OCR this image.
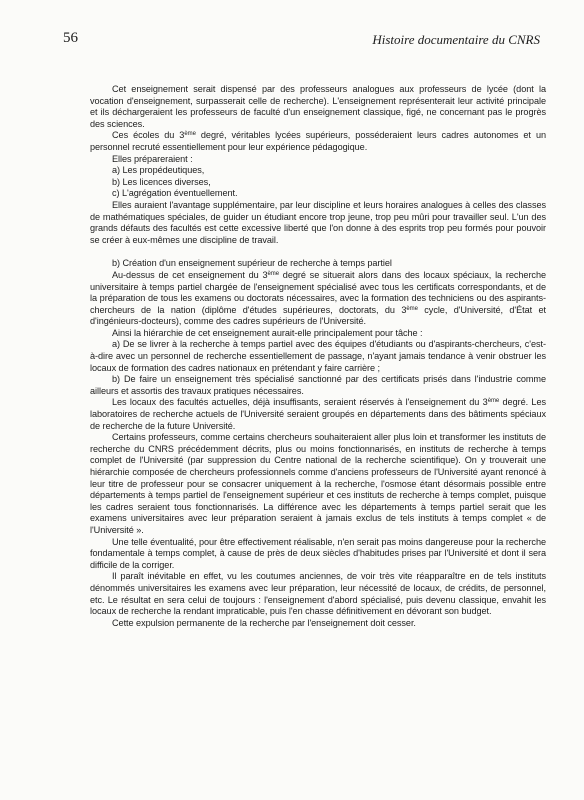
56	Histoire documentaire du CNRS

Cet enseignement serait dispensé par des professeurs analogues aux professeurs de lycée (dont la vocation d'enseignement, surpasserait celle de recherche). L'enseignement représenterait leur activité principale et ils déchargeraient les professeurs de faculté d'un enseignement classique, figé, ne concernant pas le progrès des sciences.

Ces écoles du 3ème degré, véritables lycées supérieurs, posséderaient leurs cadres autonomes et un personnel recruté essentiellement pour leur expérience pédagogique.

Elles prépareraient :

a) Les propédeutiques,

b) Les licences diverses,

c) L'agrégation éventuellement.

Elles auraient l'avantage supplémentaire, par leur discipline et leurs horaires analogues à celles des classes de mathématiques spéciales, de guider un étudiant encore trop jeune, trop peu mûri pour travailler seul. L'un des grands défauts des facultés est cette excessive liberté que l'on donne à des esprits trop peu formés pour pouvoir se créer à eux-mêmes une discipline de travail.

b) Création d'un enseignement supérieur de recherche à temps partiel

Au-dessus de cet enseignement du 3ème degré se situerait alors dans des locaux spéciaux, la recherche universitaire à temps partiel chargée de l'enseignement spécialisé avec tous les certificats correspondants, et de la préparation de tous les examens ou doctorats nécessaires, avec la formation des techniciens ou des aspirants-chercheurs de la nation (diplôme d'études supérieures, doctorats, du 3ème cycle, d'Université, d'État et d'ingénieurs-docteurs), comme des cadres supérieurs de l'Université.

Ainsi la hiérarchie de cet enseignement aurait-elle principalement pour tâche :

a) De se livrer à la recherche à temps partiel avec des équipes d'étudiants ou d'aspirants-chercheurs, c'est-à-dire avec un personnel de recherche essentiellement de passage, n'ayant jamais tendance à venir obstruer les locaux de formation des cadres nationaux en prétendant y faire carrière ;

b) De faire un enseignement très spécialisé sanctionné par des certificats prisés dans l'industrie comme ailleurs et assortis des travaux pratiques nécessaires.

Les locaux des facultés actuelles, déjà insuffisants, seraient réservés à l'enseignement du 3ème degré. Les laboratoires de recherche actuels de l'Université seraient groupés en départements dans des bâtiments spéciaux de recherche de la future Université.

Certains professeurs, comme certains chercheurs souhaiteraient aller plus loin et transformer les instituts de recherche du CNRS précédemment décrits, plus ou moins fonctionnarisés, en instituts de recherche à temps complet de l'Université (par suppression du Centre national de la recherche scientifique). On y trouverait une hiérarchie composée de chercheurs professionnels comme d'anciens professeurs de l'Université ayant renoncé à leur titre de professeur pour se consacrer uniquement à la recherche, l'osmose étant désormais possible entre départements à temps partiel de l'enseignement supérieur et ces instituts de recherche à temps complet, puisque les cadres seraient tous fonctionnarisés. La différence avec les départements à temps partiel serait que les examens universitaires avec leur préparation seraient à jamais exclus de tels instituts à temps complet « de l'Université ».

Une telle éventualité, pour être effectivement réalisable, n'en serait pas moins dangereuse pour la recherche fondamentale à temps complet, à cause de près de deux siècles d'habitudes prises par l'Université et dont il sera difficile de la corriger.

Il paraît inévitable en effet, vu les coutumes anciennes, de voir très vite réapparaître en de tels instituts dénommés universitaires les examens avec leur préparation, leur nécessité de locaux, de crédits, de personnel, etc. Le résultat en sera celui de toujours : l'enseignement d'abord spécialisé, puis devenu classique, envahit les locaux de recherche la rendant impraticable, puis l'en chasse définitivement en dévorant son budget.

Cette expulsion permanente de la recherche par l'enseignement doit cesser.
